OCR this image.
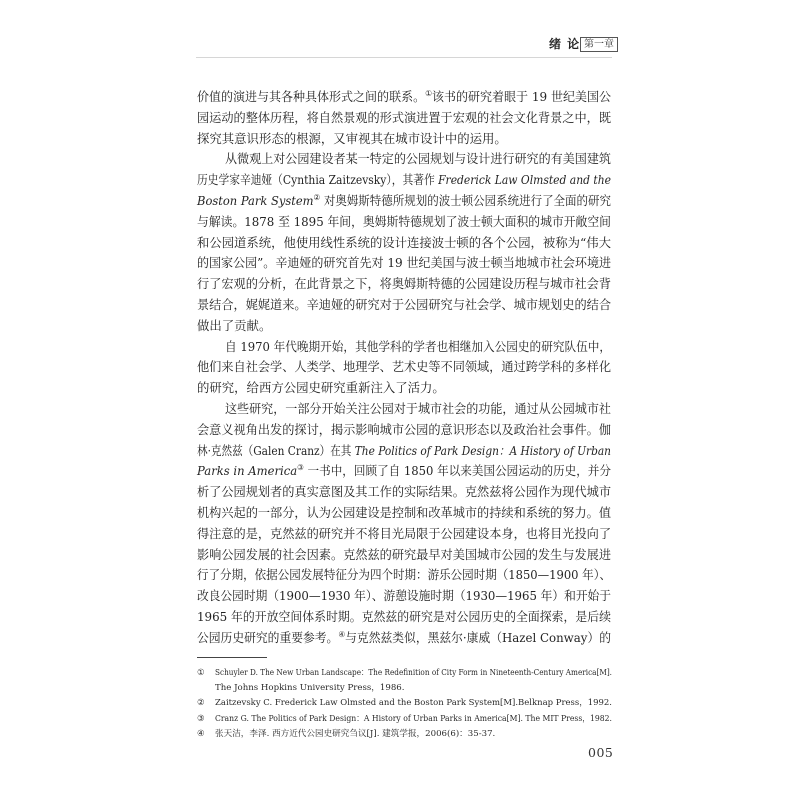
绪 论 第一章
价值的演进与其各种具体形式之间的联系。①该书的研究着眼于 19 世纪美国公
园运动的整体历程，将自然景观的形式演进置于宏观的社会文化背景之中，既
探究其意识形态的根源，又审视其在城市设计中的运用。
从微观上对公园建设者某一特定的公园规划与设计进行研究的有美国建筑
历史学家辛迪娅（Cynthia Zaitzevsky），其著作 Frederick Law Olmsted and the
Boston Park System② 对奥姆斯特德所规划的波士顿公园系统进行了全面的研究
与解读。1878 至 1895 年间，奥姆斯特德规划了波士顿大面积的城市开敞空间
和公园道系统，他使用线性系统的设计连接波士顿的各个公园，被称为“伟大
的国家公园”。辛迪娅的研究首先对 19 世纪美国与波士顿当地城市社会环境进
行了宏观的分析，在此背景之下，将奥姆斯特德的公园建设历程与城市社会背
景结合，娓娓道来。辛迪娅的研究对于公园研究与社会学、城市规划史的结合
做出了贡献。
自 1970 年代晚期开始，其他学科的学者也相继加入公园史的研究队伍中，
他们来自社会学、人类学、地理学、艺术史等不同领域，通过跨学科的多样化
的研究，给西方公园史研究重新注入了活力。
这些研究，一部分开始关注公园对于城市社会的功能，通过从公园城市社
会意义视角出发的探讨，揭示影响城市公园的意识形态以及政治社会事件。伽
林·克然兹（Galen Cranz）在其 The Politics of Park Design：A History of Urban
Parks in America③ 一书中，回顾了自 1850 年以来美国公园运动的历史，并分
析了公园规划者的真实意图及其工作的实际结果。克然兹将公园作为现代城市
机构兴起的一部分，认为公园建设是控制和改革城市的持续和系统的努力。值
得注意的是，克然兹的研究并不将目光局限于公园建设本身，也将目光投向了
影响公园发展的社会因素。克然兹的研究最早对美国城市公园的发生与发展进
行了分期，依据公园发展特征分为四个时期：游乐公园时期（1850—1900 年）、
改良公园时期（1900—1930 年）、游憩设施时期（1930—1965 年）和开始于
1965 年的开放空间体系时期。克然兹的研究是对公园历史的全面探索，是后续
公园历史研究的重要参考。④与克然兹类似，黑兹尔·康威（Hazel Conway）的
① Schuyler D. The New Urban Landscape：The Redefinition of City Form in Nineteenth-Century America[M].
The Johns Hopkins University Press，1986.
② Zaitzevsky C. Frederick Law Olmsted and the Boston Park System[M].Belknap Press，1992.
③ Cranz G. The Politics of Park Design：A History of Urban Parks in America[M]. The MIT Press，1982.
④ 张天洁，李泽. 西方近代公园史研究刍议[J]. 建筑学报，2006(6)：35-37.
005
